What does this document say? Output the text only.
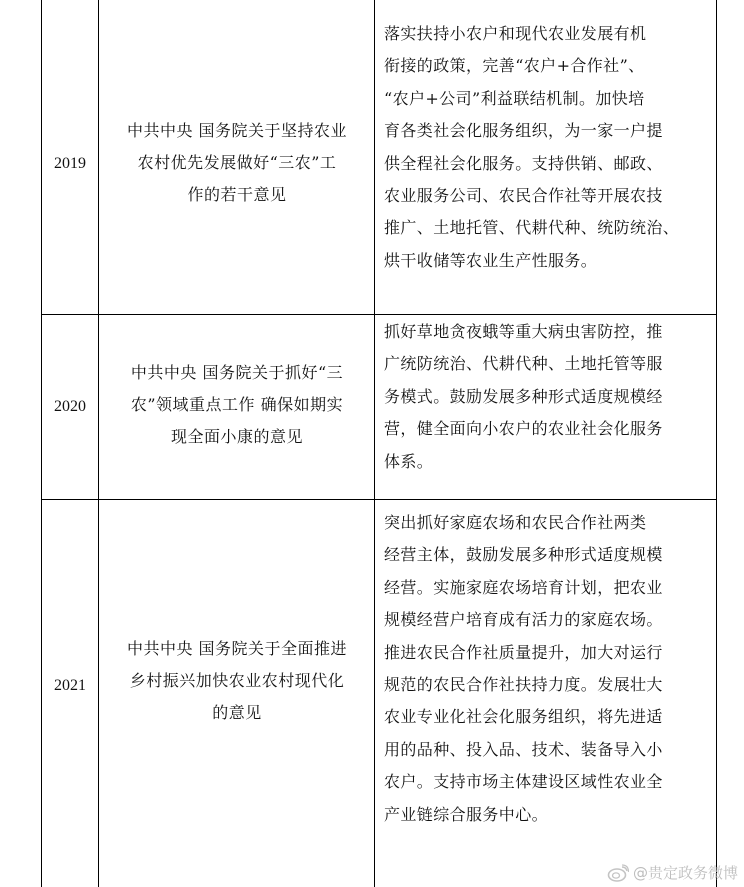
2019
中共中央 国务院关于坚持农业
农村优先发展做好“三农”工
作的若干意见
落实扶持小农户和现代农业发展有机
衔接的政策，完善“农户+合作社”、
“农户+公司”利益联结机制。加快培
育各类社会化服务组织，为一家一户提
供全程社会化服务。支持供销、邮政、
农业服务公司、农民合作社等开展农技
推广、土地托管、代耕代种、统防统治、
烘干收储等农业生产性服务。
2020
中共中央 国务院关于抓好“三
农”领域重点工作 确保如期实
现全面小康的意见
抓好草地贪夜蛾等重大病虫害防控，推
广统防统治、代耕代种、土地托管等服
务模式。鼓励发展多种形式适度规模经
营，健全面向小农户的农业社会化服务
体系。
2021
中共中央 国务院关于全面推进
乡村振兴加快农业农村现代化
的意见
突出抓好家庭农场和农民合作社两类
经营主体，鼓励发展多种形式适度规模
经营。实施家庭农场培育计划，把农业
规模经营户培育成有活力的家庭农场。
推进农民合作社质量提升，加大对运行
规范的农民合作社扶持力度。发展壮大
农业专业化社会化服务组织，将先进适
用的品种、投入品、技术、装备导入小
农户。支持市场主体建设区域性农业全
产业链综合服务中心。
@贵定政务微博
